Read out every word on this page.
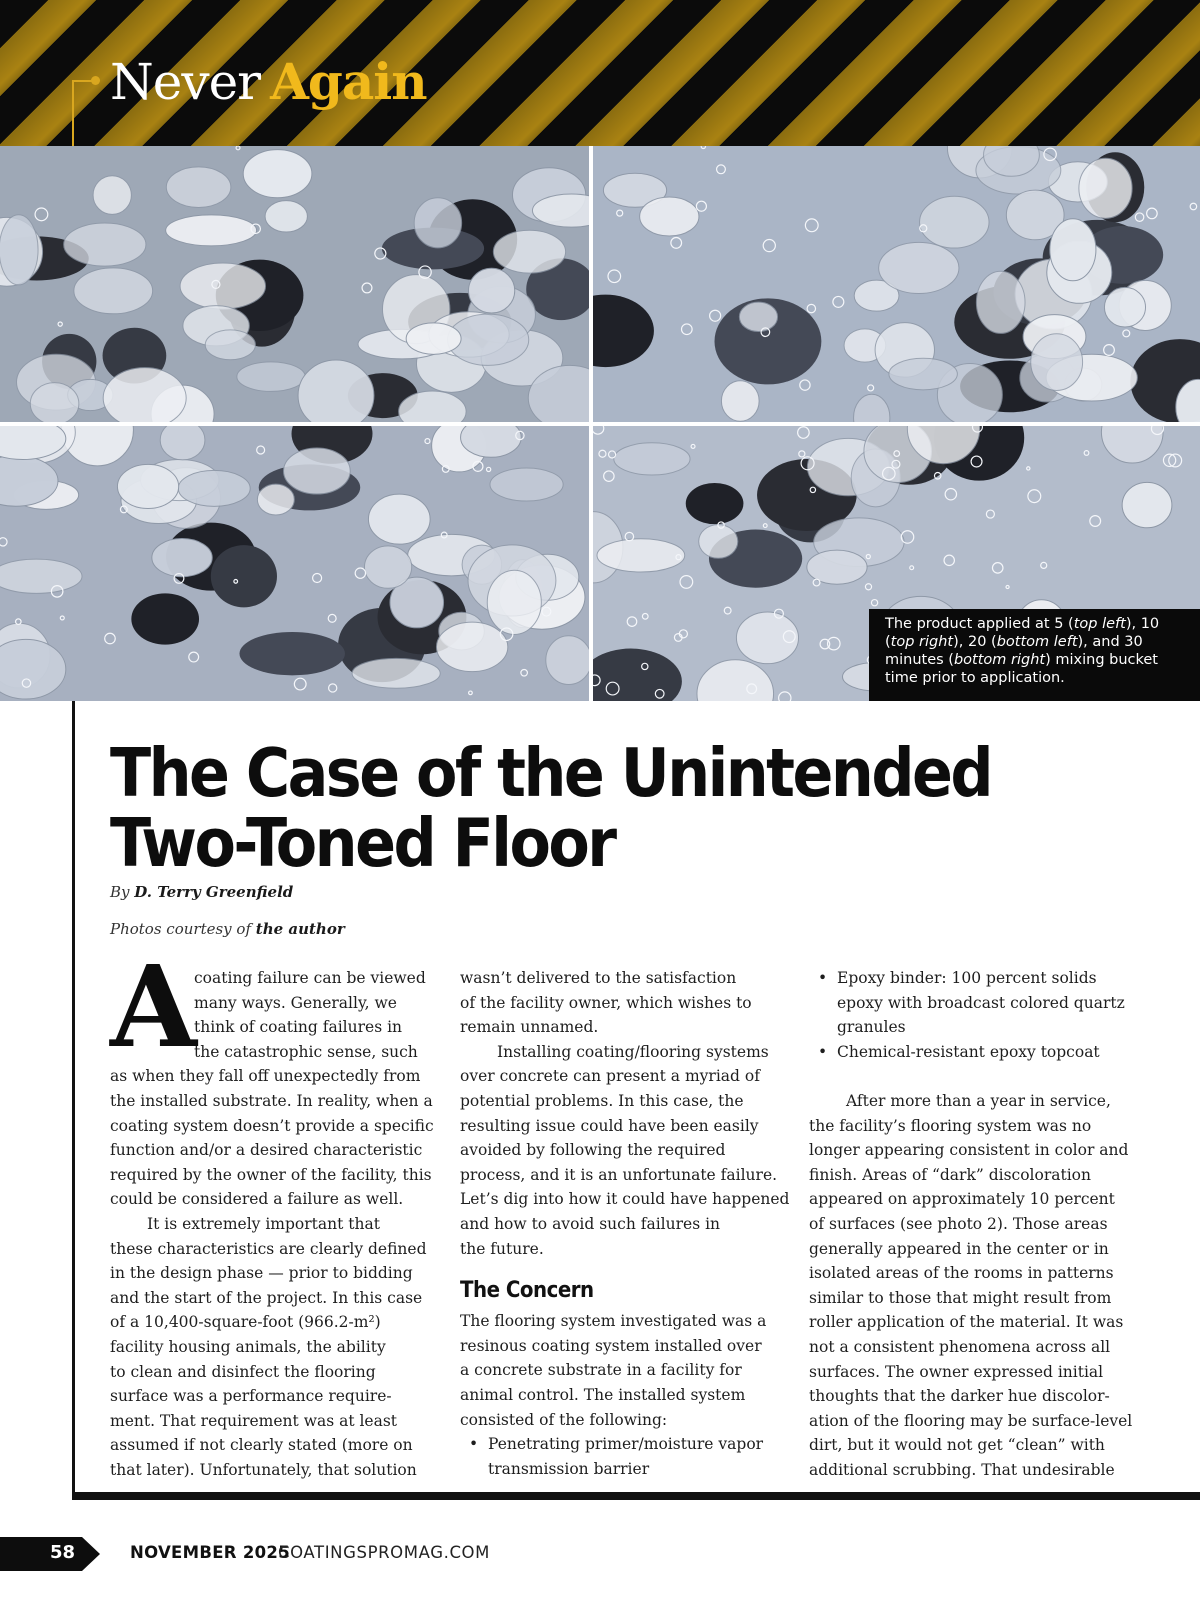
Never Again
The product applied at 5 (top left), 10 (top right), 20 (bottom left), and 30 minutes (bottom right) mixing bucket time prior to application.
The Case of the Unintended
Two-Toned Floor
By D. Terry Greenfield
Photos courtesy of the author
A

coating failure can be viewed
many ways. Generally, we
think of coating failures in
the catastrophic sense, such
as when they fall off unexpectedly from
the installed substrate. In reality, when a
coating system doesn’t provide a specific
function and/or a desired characteristic
required by the owner of the facility, this
could be considered a failure as well.

It is extremely important that
these characteristics are clearly defined
in the design phase — prior to bidding
and the start of the project. In this case
of a 10,400-square-foot (966.2-m²)
facility housing animals, the ability
to clean and disinfect the flooring
surface was a performance require-
ment. That requirement was at least
assumed if not clearly stated (more on
that later). Unfortunately, that solution

wasn’t delivered to the satisfaction
of the facility owner, which wishes to
remain unnamed.

Installing coating/flooring systems
over concrete can present a myriad of
potential problems. In this case, the
resulting issue could have been easily
avoided by following the required
process, and it is an unfortunate failure.
Let’s dig into how it could have happened
and how to avoid such failures in
the future.

The Concern

The flooring system investigated was a
resinous coating system installed over
a concrete substrate in a facility for
animal control. The installed system
consisted of the following:

• Penetrating primer/moisture vapor
transmission barrier
• Epoxy binder: 100 percent solids
epoxy with broadcast colored quartz
granules
• Chemical-resistant epoxy topcoat

After more than a year in service,
the facility’s flooring system was no
longer appearing consistent in color and
finish. Areas of “dark” discoloration
appeared on approximately 10 percent
of surfaces (see photo 2). Those areas
generally appeared in the center or in
isolated areas of the rooms in patterns
similar to those that might result from
roller application of the material. It was
not a consistent phenomena across all
surfaces. The owner expressed initial
thoughts that the darker hue discolor-
ation of the flooring may be surface-level
dirt, but it would not get “clean” with
additional scrubbing. That undesirable

58	NOVEMBER 2025
COATINGSPROMAG.COM
